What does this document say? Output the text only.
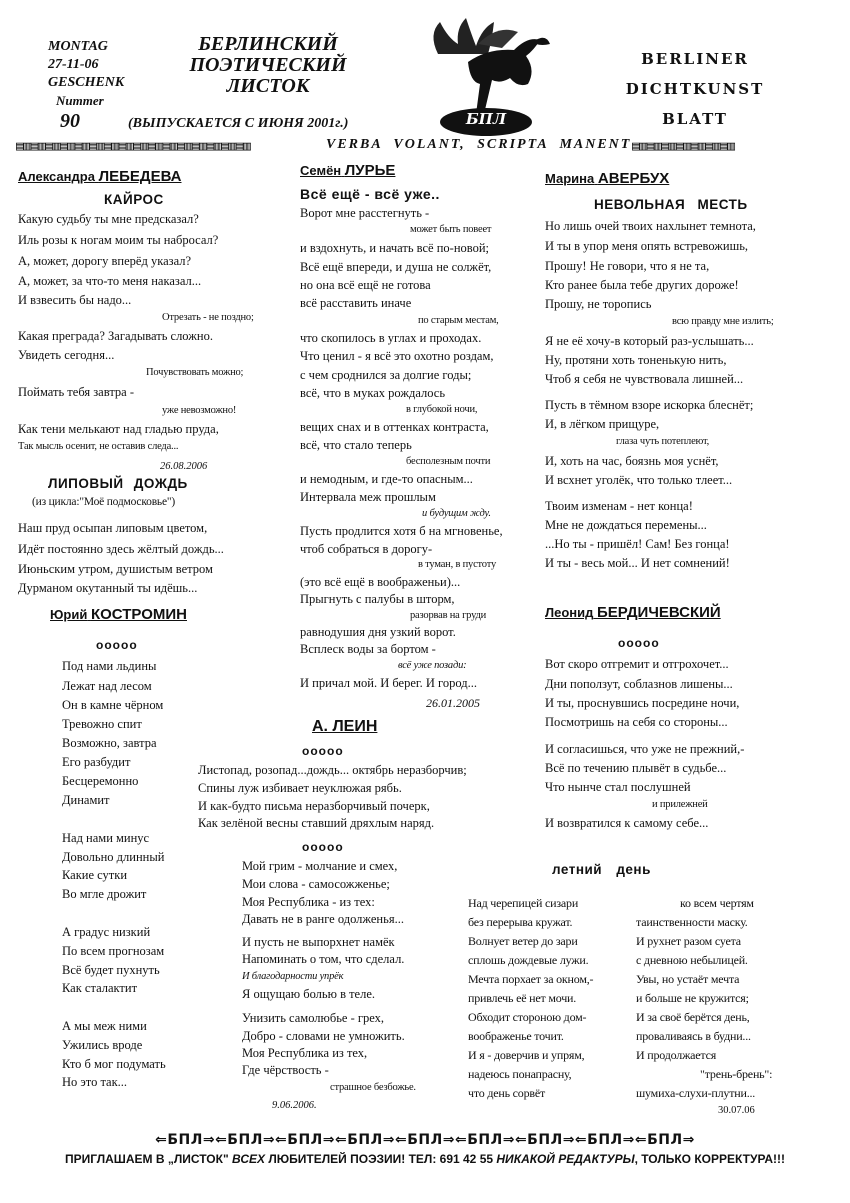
MONTAG
27-11-06
GESCHENK
Nummer
90
БЕРЛИНСКИЙ
ПОЭТИЧЕСКИЙ
ЛИСТОК
(ВЫПУСКАЕТСЯ С ИЮНЯ 2001г.)	БПЛ
BERLINER
DICHTKUNST
BLATT
▤▥▤▥▤▥▤▥▤▥▤▥▤▥▤▥▤▥▤▥▤▥▤▥▤▥▤▥▤▥▤▥	VERBA VOLANT, SCRIPTA MANENT ▤▥▤▥▤▥▤▥▤▥▤▥▤▥
Александра ЛЕБЕДЕВА
КАЙРОС
Какую судьбу ты мне предсказал?
Иль розы к ногам моим ты набросал?
А, может, дорогу вперёд указал?
А, может, за что-то меня наказал...
И взвесить бы надо...
Отрезать - не поздно;
Какая преграда? Загадывать сложно.
Увидеть сегодня...
Почувствовать можно;
Поймать тебя завтра -
уже невозможно!
Как тени мелькают над гладью пруда,
Так мысль осенит, не оставив следа...
26.08.2006
ЛИПОВЫЙ ДОЖДЬ
(из цикла:"Моё подмосковье")
Наш пруд осыпан липовым цветом,
Идёт постоянно здесь жёлтый дождь...
Июньским утром, душистым ветром
Дурманом окутанный ты идёшь...
Юрий КОСТРОМИН
ooooo
Под нами льдины
Лежат над лесом
Он в камне чёрном
Тревожно спит
Возможно, завтра
Его разбудит
Бесцеремонно
Динамит
Над нами минус
Довольно длинный
Какие сутки
Во мгле дрожит
А градус низкий
По всем прогнозам
Всё будет пухнуть
Как сталактит
А мы меж ними
Ужились вроде
Кто б мог подумать
Но это так...
Семён ЛУРЬЕ
Всё ещё - всё уже..
Ворот мне расстегнуть -
может быть повеет
и вздохнуть, и начать всё по-новой;
Всё ещё впереди, и душа не солжёт,
но она всё ещё не готова
всё расставить иначе
по старым местам,
что скопилось в углах и проходах.
Что ценил - я всё это охотно роздам,
с чем сроднился за долгие годы;
всё, что в муках рождалось
в глубокой ночи,
вещих снах и в оттенках контраста,
всё, что стало теперь
бесполезным почти
и немодным, и где-то опасным...
Интервала меж прошлым
и будущим жду.
Пусть продлится хотя б на мгновенье,
чтоб собраться в дорогу-
в туман, в пустоту
(это всё ещё в воображеньи)...
Прыгнуть с палубы в шторм,
разорвав на груди
равнодушия дня узкий ворот.
Всплеск воды за бортом -
всё уже позади:
И причал мой. И берег. И город...
26.01.2005
А. ЛЕИН
ooooo
Листопад, розопад...дождь... октябрь неразборчив;
Спины луж избивает неуклюжая рябь.
И как-будто письма неразборчивый почерк,
Как зелёной весны ставший дряхлым наряд.
ooooo
Мой грим - молчание и смех,
Мои слова - самосожженье;
Моя Республика - из тех:
Давать не в ранге одолженья...
И пусть не выпорхнет намёк
Напоминать о том, что сделал.
И благодарности упрёк
Я ощущаю болью в теле.
Унизить самолюбье - грех,
Добро - словами не умножить.
Моя Республика из тех,
Где чёрствость -
страшное безбожье.
9.06.2006.
Марина АВЕРБУХ
НЕВОЛЬНАЯ МЕСТЬ
Но лишь очей твоих нахлынет темнота,
И ты в упор меня опять встревожишь,
Прошу! Не говори, что я не та,
Кто ранее была тебе других дороже!
Прошу, не торопись
всю правду мне излить;
Я не её хочу-в который раз-услышать...
Ну, протяни хоть тоненькую нить,
Чтоб я себя не чувствовала лишней...
Пусть в тёмном взоре искорка блеснёт;
И, в лёгком прищуре,
глаза чуть потеплеют,
И, хоть на час, боязнь моя уснёт,
И всхнет уголёк, что только тлеет...
Твоим изменам - нет конца!
Мне не дождаться перемены...
...Но ты - пришёл! Сам! Без гонца!
И ты - весь мой... И нет сомнений!
Леонид БЕРДИЧЕВСКИЙ
ooooo
Вот скоро отгремит и отгрохочет...
Дни поползут, соблазнов лишены...
И ты, проснувшись посредине ночи,
Посмотришь на себя со стороны...
И согласишься, что уже не прежний,-
Всё по течению плывёт в судьбе...
Что нынче стал послушней
и прилежней
И возвратился к самому себе...
летний день
Над черепицей сизари
без перерыва кружат.
Волнует ветер до зари
сплошь дождевые лужи.
Мечта порхает за окном,-
привлечь её нет мочи.
Обходит стороною дом-
воображенье точит.
И я - доверчив и упрям,
надеюсь понапрасну,
что день сорвёт
ко всем чертям
таинственности маску.
И рухнет разом суета
с дневною небылицей.
Увы, но устаёт мечта
и больше не кружится;
И за своё берётся день,
проваливаясь в будни...
И продолжается
"трень-брень":
шумиха-слухи-плутни...
30.07.06
⇐БПЛ⇒⇐БПЛ⇒⇐БПЛ⇒⇐БПЛ⇒⇐БПЛ⇒⇐БПЛ⇒⇐БПЛ⇒⇐БПЛ⇒⇐БПЛ⇒
ПРИГЛАШАЕМ В „ЛИСТОК" ВСЕХ ЛЮБИТЕЛЕЙ ПОЭЗИИ! ТЕЛ: 691 42 55 НИКАКОЙ РЕДАКТУРЫ, ТОЛЬКО КОРРЕКТУРА!!!
